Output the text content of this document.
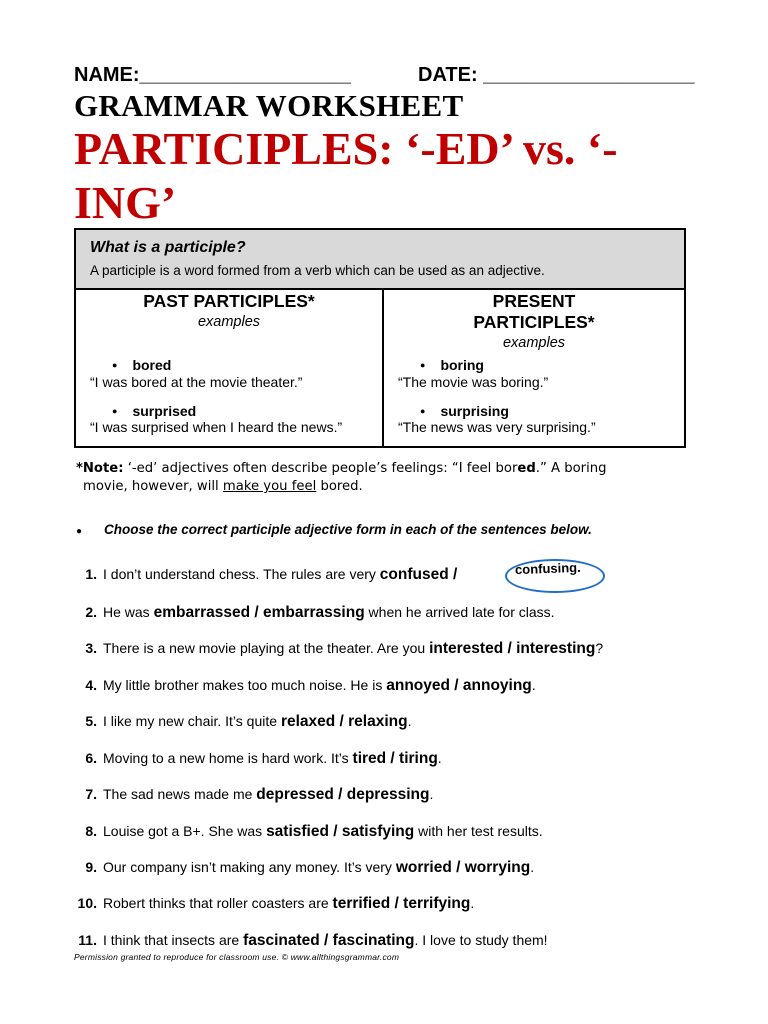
NAME:___________________	DATE: ___________________
GRAMMAR WORKSHEET
PARTICIPLES: ‘-ED’ vs. ‘-ING’
What is a participle?
A participle is a word formed from a verb which can be used as an adjective.
PAST PARTICIPLES*
examples
● bored
“I was bored at the movie theater.”
● surprised
“I was surprised when I heard the news.”
PRESENT
PARTICIPLES*
examples
● boring
“The movie was boring.”
● surprising
“The news was very surprising.”
*Note: ‘-ed’ adjectives often describe people’s feelings: “I feel bored.” A boring
movie, however, will make you feel bored.
● Choose the correct participle adjective form in each of the sentences below.
1. I don’t understand chess. The rules are very confused /
2. He was embarrassed / embarrassing when he arrived late for class.
3. There is a new movie playing at the theater. Are you interested / interesting?
4. My little brother makes too much noise. He is annoyed / annoying.
5. I like my new chair. It’s quite relaxed / relaxing.
6. Moving to a new home is hard work. It’s tired / tiring.
7. The sad news made me depressed / depressing.
8. Louise got a B+. She was satisfied / satisfying with her test results.
9. Our company isn’t making any money. It’s very worried / worrying.
10. Robert thinks that roller coasters are terrified / terrifying.
11. I think that insects are fascinated / fascinating. I love to study them!
confusing.
Permission granted to reproduce for classroom use. © www.allthingsgrammar.com
